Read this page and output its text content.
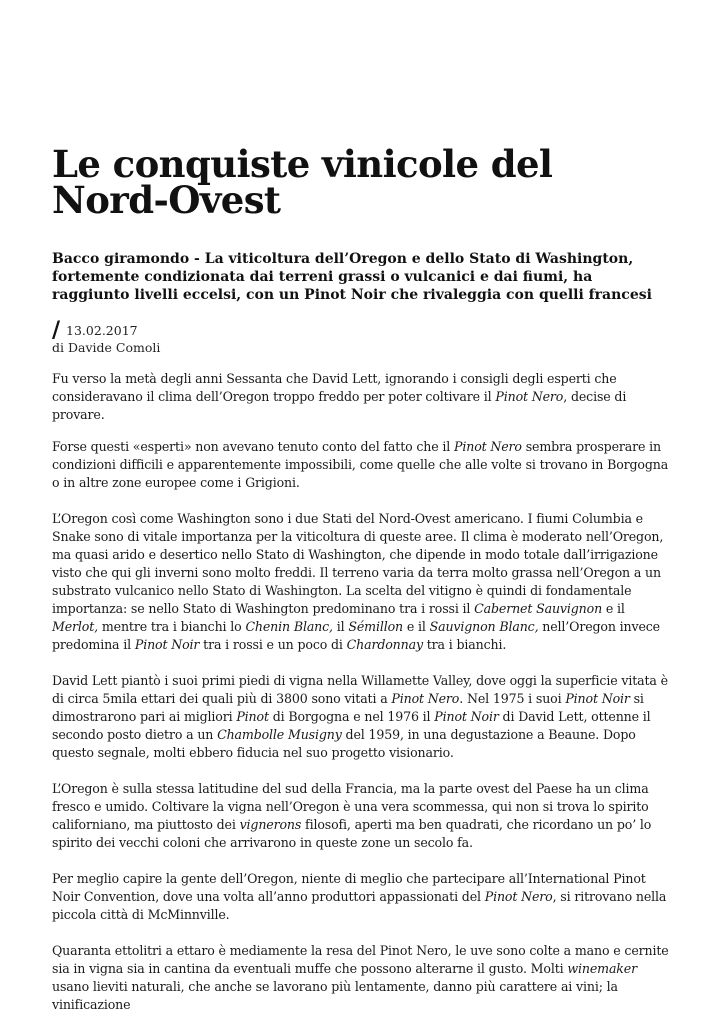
Le conquiste vinicole del Nord-Ovest

Bacco giramondo - La viticoltura dell’Oregon e dello Stato di Washington, fortemente condizionata dai terreni grassi o vulcanici e dai fiumi, ha raggiunto livelli eccelsi, con un Pinot Noir che rivaleggia con quelli francesi

/ 13.02.2017
di Davide Comoli

Fu verso la metà degli anni Sessanta che David Lett, ignorando i consigli degli esperti che consideravano il clima dell’Oregon troppo freddo per poter coltivare il Pinot Nero, decise di provare.

Forse questi «esperti» non avevano tenuto conto del fatto che il Pinot Nero sembra prosperare in condizioni difficili e apparentemente impossibili, come quelle che alle volte si trovano in Borgogna o in altre zone europee come i Grigioni.

L’Oregon così come Washington sono i due Stati del Nord-Ovest americano. I fiumi Columbia e Snake sono di vitale importanza per la viticoltura di queste aree. Il clima è moderato nell’Oregon, ma quasi arido e desertico nello Stato di Washington, che dipende in modo totale dall’irrigazione visto che qui gli inverni sono molto freddi. Il terreno varia da terra molto grassa nell’Oregon a un substrato vulcanico nello Stato di Washington. La scelta del vitigno è quindi di fondamentale importanza: se nello Stato di Washington predominano tra i rossi il Cabernet Sauvignon e il Merlot, mentre tra i bianchi lo Chenin Blanc, il Sémillon e il Sauvignon Blanc, nell’Oregon invece predomina il Pinot Noir tra i rossi e un poco di Chardonnay tra i bianchi.

David Lett piantò i suoi primi piedi di vigna nella Willamette Valley, dove oggi la superficie vitata è di circa 5mila ettari dei quali più di 3800 sono vitati a Pinot Nero. Nel 1975 i suoi Pinot Noir si dimostrarono pari ai migliori Pinot di Borgogna e nel 1976 il Pinot Noir di David Lett, ottenne il secondo posto dietro a un Chambolle Musigny del 1959, in una degustazione a Beaune. Dopo questo segnale, molti ebbero fiducia nel suo progetto visionario.

L’Oregon è sulla stessa latitudine del sud della Francia, ma la parte ovest del Paese ha un clima fresco e umido. Coltivare la vigna nell’Oregon è una vera scommessa, qui non si trova lo spirito californiano, ma piuttosto dei vignerons filosofi, aperti ma ben quadrati, che ricordano un po’ lo spirito dei vecchi coloni che arrivarono in queste zone un secolo fa.

Per meglio capire la gente dell’Oregon, niente di meglio che partecipare all’International Pinot Noir Convention, dove una volta all’anno produttori appassionati del Pinot Nero, si ritrovano nella piccola città di McMinnville.

Quaranta ettolitri a ettaro è mediamente la resa del Pinot Nero, le uve sono colte a mano e cernite sia in vigna sia in cantina da eventuali muffe che possono alterarne il gusto. Molti winemaker usano lieviti naturali, che anche se lavorano più lentamente, danno più carattere ai vini; la vinificazione
